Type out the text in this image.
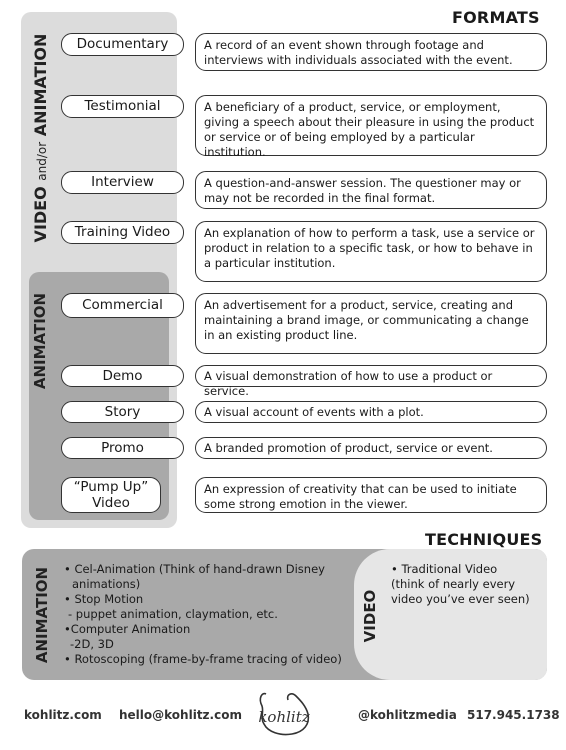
FORMATS
VIDEO and/or ANIMATION
ANIMATION
A record of an event shown through footage and interviews with individuals associated with the event.
Documentary
A beneficiary of a product, service, or employment, giving a speech about their pleasure in using the product or service or of being employed by a particular institution.
Testimonial
A question-and-answer session. The questioner may or may not be recorded in the final format.
Interview
An explanation of how to perform a task, use a service or product in relation to a specific task, or how to behave in a particular institution.
Training Video
An advertisement for a product, service, creating and maintaining a brand image, or communicating a change in an existing product line.
Commercial
A visual demonstration of how to use a product or service.
Demo
A visual account of events with a plot.
Story
A branded promotion of product, service or event.
Promo
An expression of creativity that can be used to initiate some strong emotion in the viewer.
“Pump Up” Video
TECHNIQUES
ANIMATION	• Cel-Animation (Think of hand-drawn Disney
animations)
• Stop Motion
- puppet animation, claymation, etc.
•Computer Animation
-2D, 3D
• Rotoscoping (frame-by-frame tracing of video)
VIDEO
• Traditional Video
(think of nearly every
video you’ve ever seen)
kohlitz.com hello@kohlitz.com kohlitz	@kohlitzmedia 517.945.1738
